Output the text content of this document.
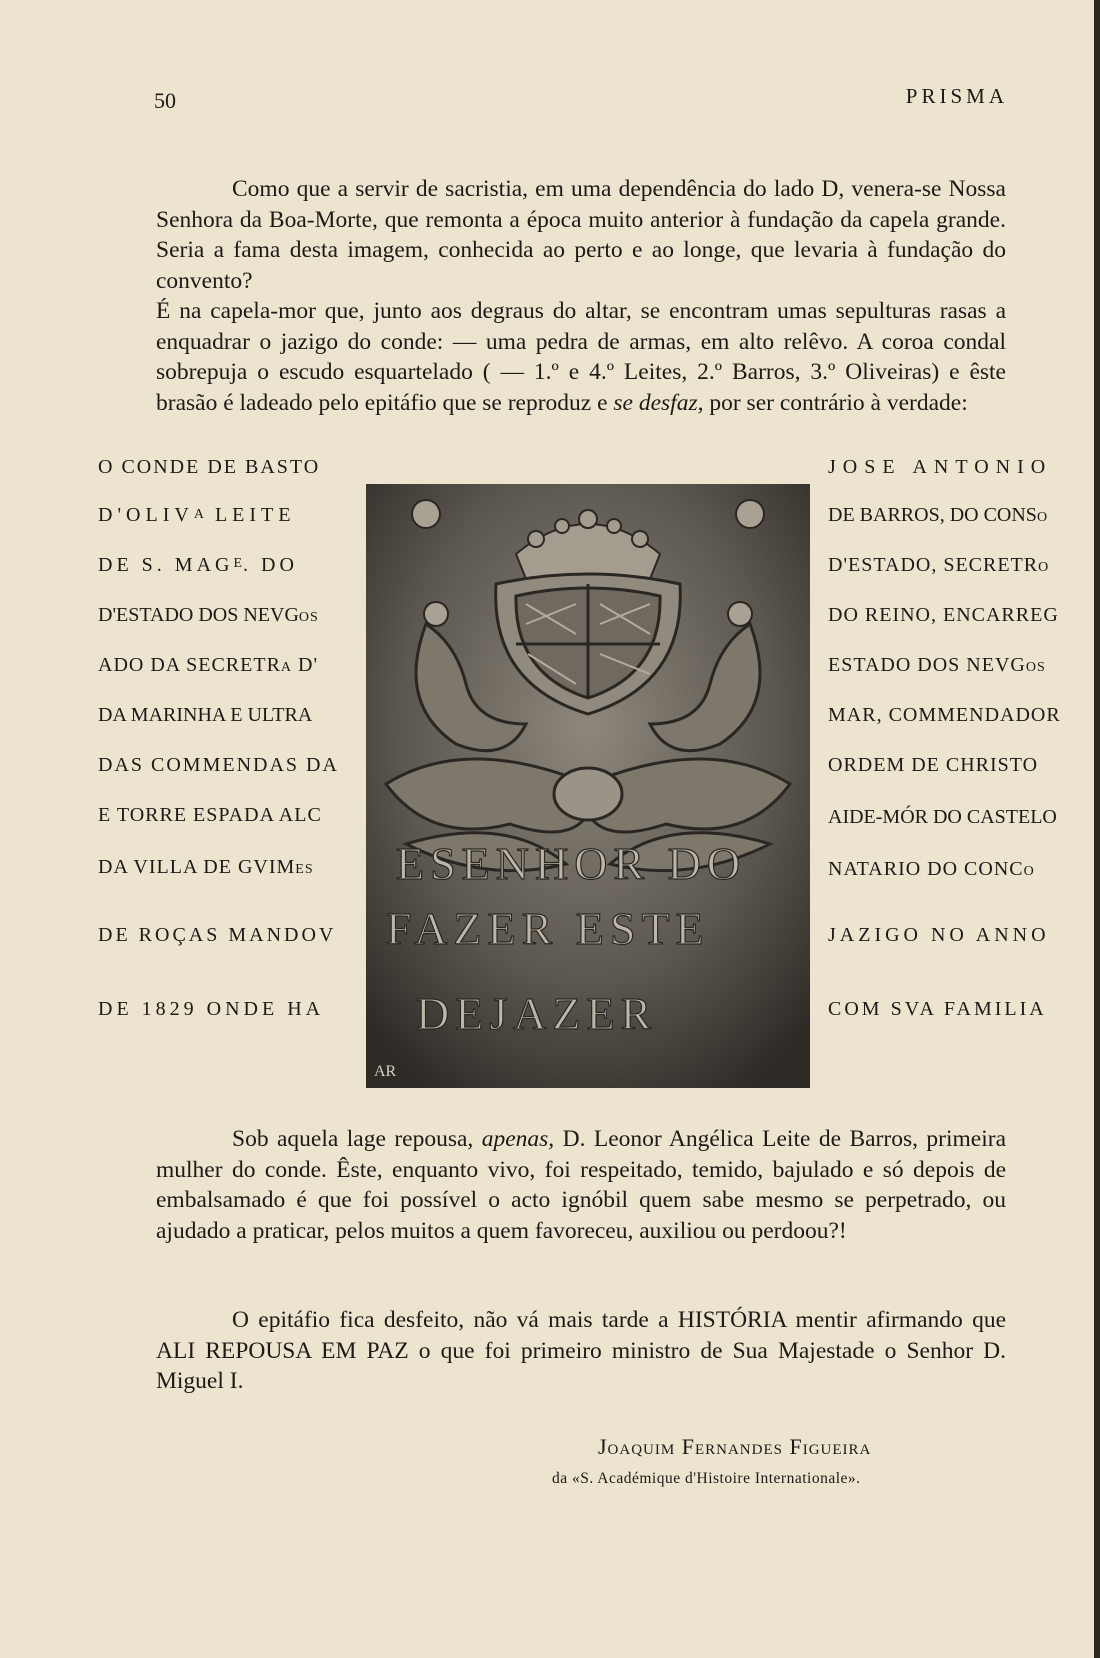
50	PRISMA

Como que a servir de sacristia, em uma dependência do lado D, venera-se Nossa Senhora da Boa-Morte, que remonta a época muito anterior à fundação da capela grande. Seria a fama desta imagem, conhecida ao perto e ao longe, que levaria à fundação do convento?
É na capela-mor que, junto aos degraus do altar, se encontram umas sepulturas rasas a enquadrar o jazigo do conde: — uma pedra de armas, em alto relêvo. A coroa condal sobrepuja o escudo esquartelado ( — 1.º e 4.º Leites, 2.º Barros, 3.º Oliveiras) e êste brasão é ladeado pelo epitáfio que se reproduz e se desfaz, por ser contrário à verdade:

O CONDE DE BASTO
D'OLIVA LEITE
DE S. $MAG^E$. DO
D'ESTADO DOS NEVGOS
ADO DA SECRETRA D'
DA MARINHA E ULTRA
DAS COMMENDAS DA
E TORRE ESPADA ALC
DA VILLA DE GVIMES
DE ROÇAS MANDOV
DE 1829 ONDE HA
ESENHOR DO
FAZER ESTE
DEJAZER
AR
JOSE ANTONIO
DE BARROS, DO CONSO
D'ESTADO, SECRETRO
DO REINO, ENCARREG
ESTADO DOS NEVGOS
MAR, COMMENDADOR
ORDEM DE CHRISTO
AIDE-MÓR DO CASTELO
NATARIO DO CONCO
JAZIGO NO ANNO
COM SVA FAMILIA

Sob aquela lage repousa, apenas, D. Leonor Angélica Leite de Barros, primeira mulher do conde. Êste, enquanto vivo, foi respeitado, temido, bajulado e só depois de embalsamado é que foi possível o acto ignóbil quem sabe mesmo se perpetrado, ou ajudado a praticar, pelos muitos a quem favoreceu, auxiliou ou perdoou?!

O epitáfio fica desfeito, não vá mais tarde a HISTÓRIA mentir afirmando que ALI REPOUSA EM PAZ o que foi primeiro ministro de Sua Majestade o Senhor D. Miguel I.

Joaquim Fernandes Figueira
da «S. Académique d'Histoire Internationale».
